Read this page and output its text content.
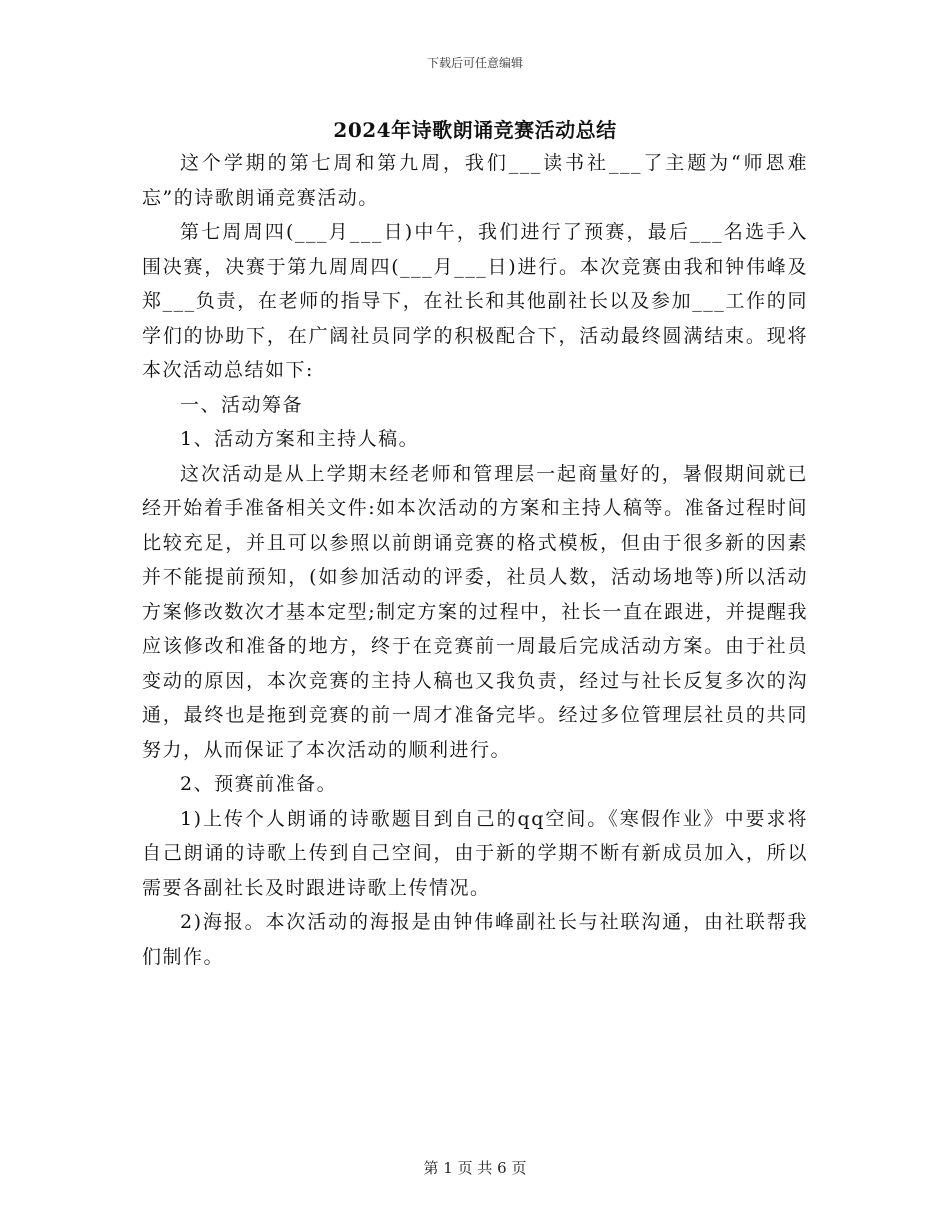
下载后可任意编辑
2024年诗歌朗诵竞赛活动总结

这个学期的第七周和第九周，我们___读书社___了主题为“师恩难忘”的诗歌朗诵竞赛活动。

第七周周四(___月___日)中午，我们进行了预赛，最后___名选手入围决赛，决赛于第九周周四(___月___日)进行。本次竞赛由我和钟伟峰及郑___负责，在老师的指导下，在社长和其他副社长以及参加___工作的同学们的协助下，在广阔社员同学的积极配合下，活动最终圆满结束。现将本次活动总结如下:

一、活动筹备

1、活动方案和主持人稿。

这次活动是从上学期末经老师和管理层一起商量好的，暑假期间就已经开始着手准备相关文件:如本次活动的方案和主持人稿等。准备过程时间比较充足，并且可以参照以前朗诵竞赛的格式模板，但由于很多新的因素并不能提前预知，(如参加活动的评委，社员人数，活动场地等)所以活动方案修改数次才基本定型;制定方案的过程中，社长一直在跟进，并提醒我应该修改和准备的地方，终于在竞赛前一周最后完成活动方案。由于社员变动的原因，本次竞赛的主持人稿也又我负责，经过与社长反复多次的沟通，最终也是拖到竞赛的前一周才准备完毕。经过多位管理层社员的共同努力，从而保证了本次活动的顺利进行。

2、预赛前准备。

1)上传个人朗诵的诗歌题目到自己的qq空间。《寒假作业》中要求将自己朗诵的诗歌上传到自己空间，由于新的学期不断有新成员加入，所以需要各副社长及时跟进诗歌上传情况。

2)海报。本次活动的海报是由钟伟峰副社长与社联沟通，由社联帮我们制作。

第 1 页 共 6 页
